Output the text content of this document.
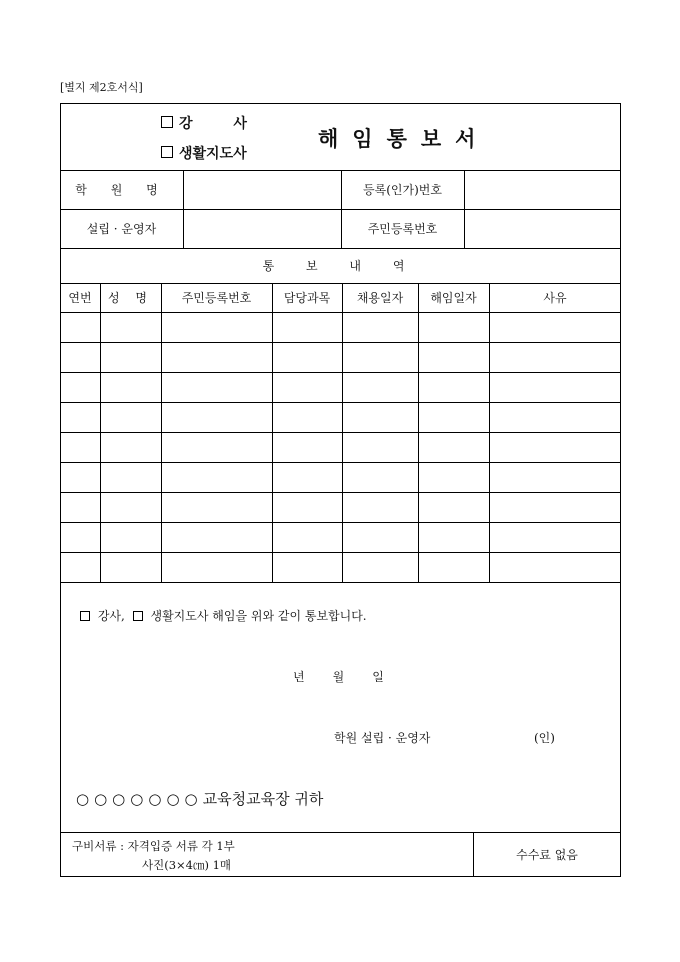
[별지 제2호서식]
강 사
생활지도사
해임통보서
학 원 명	등록(인가)번호
설립 · 운영자	주민등록번호
통 보 내 역
연번	성 명	주민등록번호	담당과목	채용일자	해임일자	사유
강사, 생활지도사 해임을 위와 같이 통보합니다.
년 월 일
학원 설립 · 운영자	(인)
○○○○○○○교육청교육장 귀하
구비서류 : 자격입증 서류 각 1부
사진(3×4㎝) 1매
수수료 없음
